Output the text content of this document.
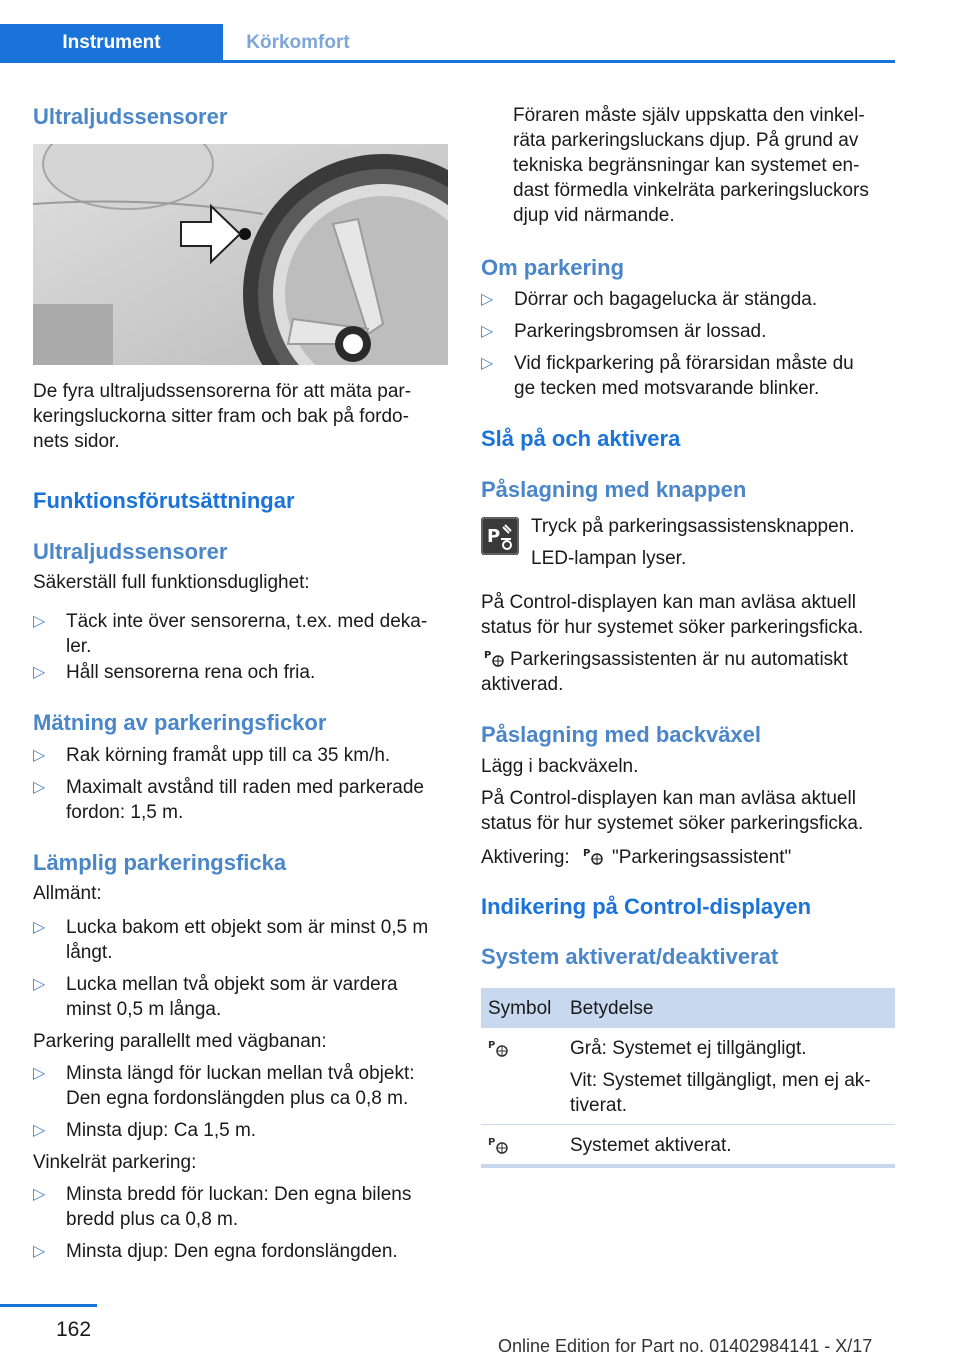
Instrument	Körkomfort
Ultraljudssensorer
De fyra ultraljudssensorerna för att mäta par‐
keringsluckorna sitter fram och bak på fordo‐
nets sidor.
Funktionsförutsättningar
Ultraljudssensorer
Säkerställ full funktionsduglighet:
▷ Täck inte över sensorerna, t.ex. med deka‐
ler.
▷ Håll sensorerna rena och fria.
Mätning av parkeringsfickor
▷ Rak körning framåt upp till ca 35 km/h.
▷ Maximalt avstånd till raden med parkerade
fordon: 1,5 m.
Lämplig parkeringsficka
Allmänt:
▷ Lucka bakom ett objekt som är minst 0,5 m
långt.
▷ Lucka mellan två objekt som är vardera
minst 0,5 m långa.
Parkering parallellt med vägbanan:
▷ Minsta längd för luckan mellan två objekt:
Den egna fordonslängden plus ca 0,8 m.
▷ Minsta djup: Ca 1,5 m.
Vinkelrät parkering:
▷ Minsta bredd för luckan: Den egna bilens
bredd plus ca 0,8 m.
▷ Minsta djup: Den egna fordonslängden.
Föraren måste själv uppskatta den vinkel‐
räta parkeringsluckans djup. På grund av
tekniska begränsningar kan systemet en‐
dast förmedla vinkelräta parkeringsluckors
djup vid närmande.
Om parkering
▷ Dörrar och bagagelucka är stängda.
▷ Parkeringsbromsen är lossad.
▷ Vid fickparkering på förarsidan måste du
ge tecken med motsvarande blinker.
Slå på och aktivera
Påslagning med knappen
P Tryck på parkeringsassistensknappen.
LED-lampan lyser.
På Control-displayen kan man avläsa aktuell
status för hur systemet söker parkeringsficka.
P Parkeringsassistenten är nu automatiskt
aktiverad.
Påslagning med backväxel
Lägg i backväxeln.
På Control-displayen kan man avläsa aktuell
status för hur systemet söker parkeringsficka.
Aktivering: P "Parkeringsassistent"
Indikering på Control-displayen
System aktiverat/deaktiverat
Symbol Betydelse
P	Grå: Systemet ej tillgängligt.
Vit: Systemet tillgängligt, men ej ak‐
tiverat.
P	Systemet aktiverat.
162
Online Edition for Part no. 01402984141 - X/17
